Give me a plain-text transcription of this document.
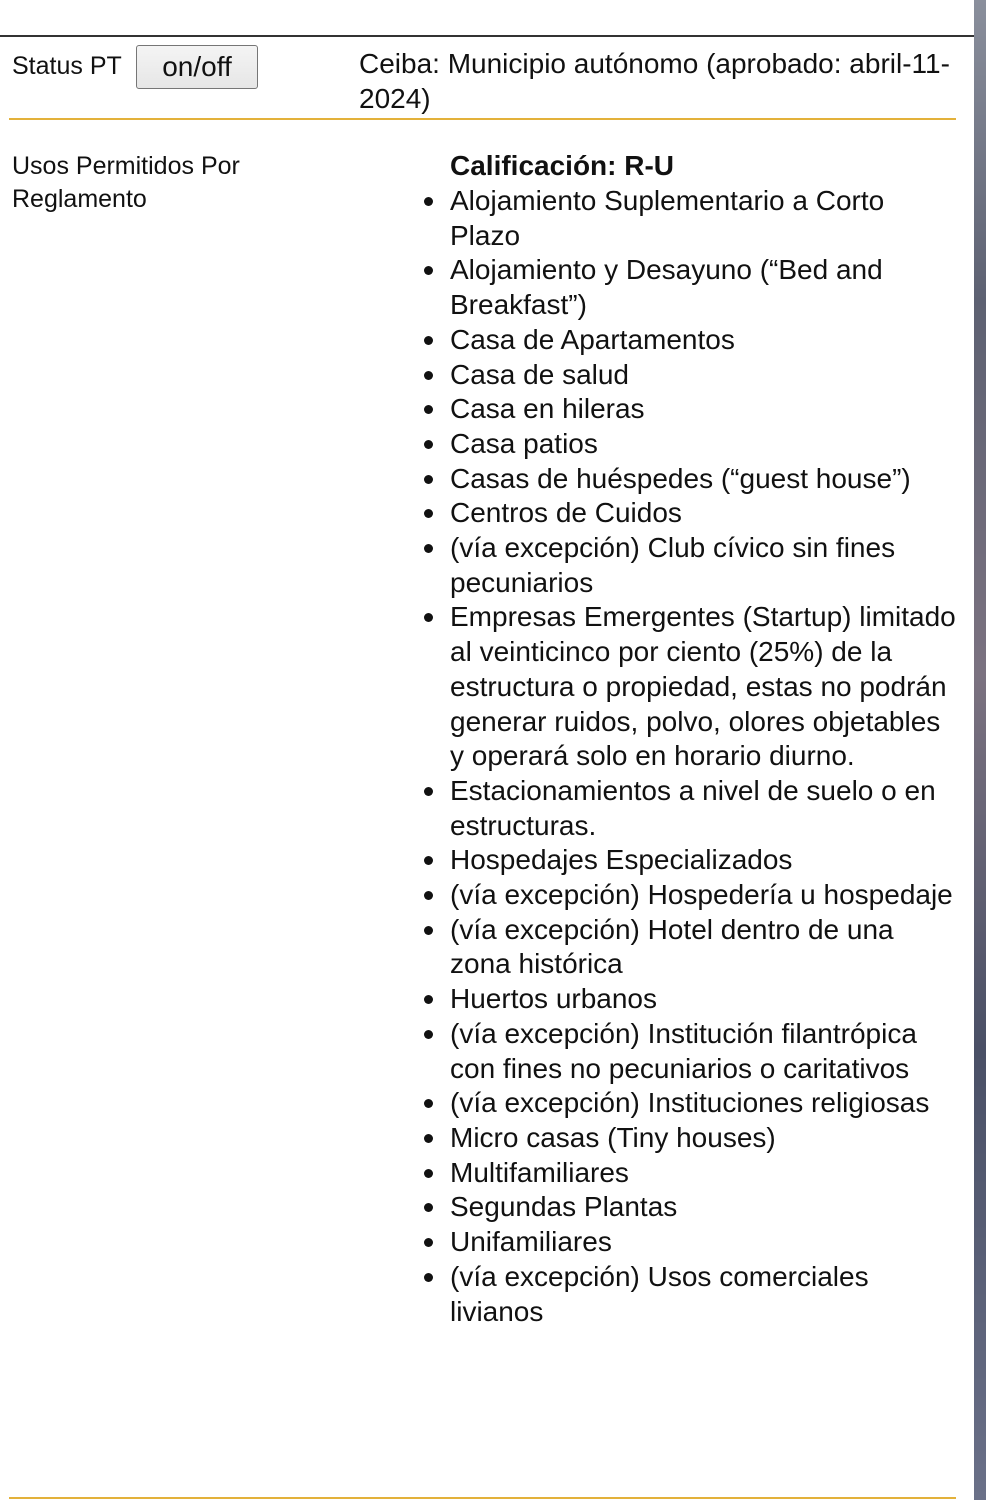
Status PT	on/off	Ceiba: Municipio autónomo (aprobado: abril-11-2024)
Usos Permitidos Por Reglamento
Calificación: R-U
Alojamiento Suplementario a Corto Plazo
Alojamiento y Desayuno (“Bed and Breakfast”)
Casa de Apartamentos
Casa de salud
Casa en hileras
Casa patios
Casas de huéspedes (“guest house”)
Centros de Cuidos
(vía excepción) Club cívico sin fines pecuniarios
Empresas Emergentes (Startup) limitado al veinticinco por ciento (25%) de la estructura o propiedad, estas no podrán generar ruidos, polvo, olores objetables y operará solo en horario diurno.
Estacionamientos a nivel de suelo o en estructuras.
Hospedajes Especializados
(vía excepción) Hospedería u hospedaje
(vía excepción) Hotel dentro de una zona histórica
Huertos urbanos
(vía excepción) Institución filantrópica con fines no pecuniarios o caritativos
(vía excepción) Instituciones religiosas
Micro casas (Tiny houses)
Multifamiliares
Segundas Plantas
Unifamiliares
(vía excepción) Usos comerciales livianos
